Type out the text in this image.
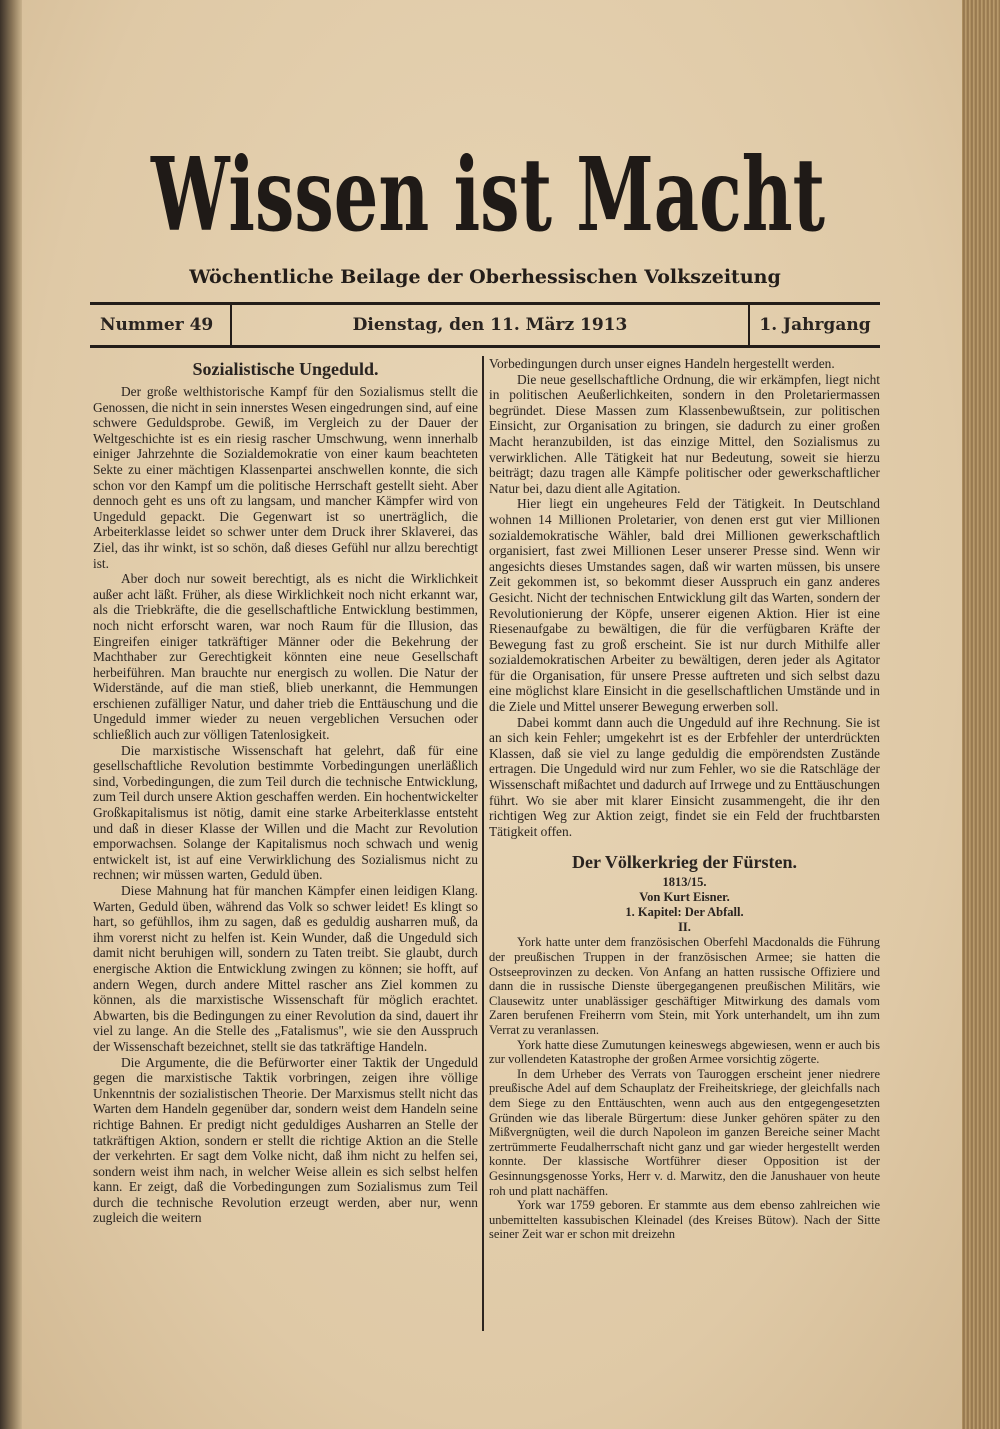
Wissen ist Macht
Wöchentliche Beilage der Oberhessischen Volkszeitung
Nummer 49	Dienstag, den 11. März 1913	1. Jahrgang
Sozialistische Ungeduld.

Der große welthistorische Kampf für den Sozialismus stellt die Genossen, die nicht in sein innerstes Wesen eingedrungen sind, auf eine schwere Geduldsprobe. Gewiß, im Vergleich zu der Dauer der Weltgeschichte ist es ein riesig rascher Umschwung, wenn innerhalb einiger Jahrzehnte die Sozialdemokratie von einer kaum beachteten Sekte zu einer mächtigen Klassenpartei anschwellen konnte, die sich schon vor den Kampf um die politische Herrschaft gestellt sieht. Aber dennoch geht es uns oft zu langsam, und mancher Kämpfer wird von Ungeduld gepackt. Die Gegenwart ist so unerträglich, die Arbeiterklasse leidet so schwer unter dem Druck ihrer Sklaverei, das Ziel, das ihr winkt, ist so schön, daß dieses Gefühl nur allzu berechtigt ist.

Aber doch nur soweit berechtigt, als es nicht die Wirklichkeit außer acht läßt. Früher, als diese Wirklichkeit noch nicht erkannt war, als die Triebkräfte, die die gesellschaftliche Entwicklung bestimmen, noch nicht erforscht waren, war noch Raum für die Illusion, das Eingreifen einiger tatkräftiger Männer oder die Bekehrung der Machthaber zur Gerechtigkeit könnten eine neue Gesellschaft herbeiführen. Man brauchte nur energisch zu wollen. Die Natur der Widerstände, auf die man stieß, blieb unerkannt, die Hemmungen erschienen zufälliger Natur, und daher trieb die Enttäuschung und die Ungeduld immer wieder zu neuen vergeblichen Versuchen oder schließlich auch zur völligen Tatenlosigkeit.

Die marxistische Wissenschaft hat gelehrt, daß für eine gesellschaftliche Revolution bestimmte Vorbedingungen unerläßlich sind, Vorbedingungen, die zum Teil durch die technische Entwicklung, zum Teil durch unsere Aktion geschaffen werden. Ein hochentwickelter Großkapitalismus ist nötig, damit eine starke Arbeiterklasse entsteht und daß in dieser Klasse der Willen und die Macht zur Revolution emporwachsen. Solange der Kapitalismus noch schwach und wenig entwickelt ist, ist auf eine Verwirklichung des Sozialismus nicht zu rechnen; wir müssen warten, Geduld üben.

Diese Mahnung hat für manchen Kämpfer einen leidigen Klang. Warten, Geduld üben, während das Volk so schwer leidet! Es klingt so hart, so gefühllos, ihm zu sagen, daß es geduldig ausharren muß, da ihm vorerst nicht zu helfen ist. Kein Wunder, daß die Ungeduld sich damit nicht beruhigen will, sondern zu Taten treibt. Sie glaubt, durch energische Aktion die Entwicklung zwingen zu können; sie hofft, auf andern Wegen, durch andere Mittel rascher ans Ziel kommen zu können, als die marxistische Wissenschaft für möglich erachtet. Abwarten, bis die Bedingungen zu einer Revolution da sind, dauert ihr viel zu lange. An die Stelle des „Fatalismus", wie sie den Ausspruch der Wissenschaft bezeichnet, stellt sie das tatkräftige Handeln.

Die Argumente, die die Befürworter einer Taktik der Ungeduld gegen die marxistische Taktik vorbringen, zeigen ihre völlige Unkenntnis der sozialistischen Theorie. Der Marxismus stellt nicht das Warten dem Handeln gegenüber dar, sondern weist dem Handeln seine richtige Bahnen. Er predigt nicht geduldiges Ausharren an Stelle der tatkräftigen Aktion, sondern er stellt die richtige Aktion an die Stelle der verkehrten. Er sagt dem Volke nicht, daß ihm nicht zu helfen sei, sondern weist ihm nach, in welcher Weise allein es sich selbst helfen kann. Er zeigt, daß die Vorbedingungen zum Sozialismus zum Teil durch die technische Revolution erzeugt werden, aber nur, wenn zugleich die weitern

Vorbedingungen durch unser eignes Handeln hergestellt werden.

Die neue gesellschaftliche Ordnung, die wir erkämpfen, liegt nicht in politischen Aeußerlichkeiten, sondern in den Proletariermassen begründet. Diese Massen zum Klassenbewußtsein, zur politischen Einsicht, zur Organisation zu bringen, sie dadurch zu einer großen Macht heranzubilden, ist das einzige Mittel, den Sozialismus zu verwirklichen. Alle Tätigkeit hat nur Bedeutung, soweit sie hierzu beiträgt; dazu tragen alle Kämpfe politischer oder gewerkschaftlicher Natur bei, dazu dient alle Agitation.

Hier liegt ein ungeheures Feld der Tätigkeit. In Deutschland wohnen 14 Millionen Proletarier, von denen erst gut vier Millionen sozialdemokratische Wähler, bald drei Millionen gewerkschaftlich organisiert, fast zwei Millionen Leser unserer Presse sind. Wenn wir angesichts dieses Umstandes sagen, daß wir warten müssen, bis unsere Zeit gekommen ist, so bekommt dieser Ausspruch ein ganz anderes Gesicht. Nicht der technischen Entwicklung gilt das Warten, sondern der Revolutionierung der Köpfe, unserer eigenen Aktion. Hier ist eine Riesenaufgabe zu bewältigen, die für die verfügbaren Kräfte der Bewegung fast zu groß erscheint. Sie ist nur durch Mithilfe aller sozialdemokratischen Arbeiter zu bewältigen, deren jeder als Agitator für die Organisation, für unsere Presse auftreten und sich selbst dazu eine möglichst klare Einsicht in die gesellschaftlichen Umstände und in die Ziele und Mittel unserer Bewegung erwerben soll.

Dabei kommt dann auch die Ungeduld auf ihre Rechnung. Sie ist an sich kein Fehler; umgekehrt ist es der Erbfehler der unterdrückten Klassen, daß sie viel zu lange geduldig die empörendsten Zustände ertragen. Die Ungeduld wird nur zum Fehler, wo sie die Ratschläge der Wissenschaft mißachtet und dadurch auf Irrwege und zu Enttäuschungen führt. Wo sie aber mit klarer Einsicht zusammengeht, die ihr den richtigen Weg zur Aktion zeigt, findet sie ein Feld der fruchtbarsten Tätigkeit offen.

Der Völkerkrieg der Fürsten.
1813/15.
Von Kurt Eisner.
1. Kapitel: Der Abfall.
II.

York hatte unter dem französischen Oberfehl Macdonalds die Führung der preußischen Truppen in der französischen Armee; sie hatten die Ostseeprovinzen zu decken. Von Anfang an hatten russische Offiziere und dann die in russische Dienste übergegangenen preußischen Militärs, wie Clausewitz unter unablässiger geschäftiger Mitwirkung des damals vom Zaren berufenen Freiherrn vom Stein, mit York unterhandelt, um ihn zum Verrat zu veranlassen.

York hatte diese Zumutungen keineswegs abgewiesen, wenn er auch bis zur vollendeten Katastrophe der großen Armee vorsichtig zögerte.

In dem Urheber des Verrats von Tauroggen erscheint jener niedrere preußische Adel auf dem Schauplatz der Freiheitskriege, der gleichfalls nach dem Siege zu den Enttäuschten, wenn auch aus den entgegengesetzten Gründen wie das liberale Bürgertum: diese Junker gehören später zu den Mißvergnügten, weil die durch Napoleon im ganzen Bereiche seiner Macht zertrümmerte Feudalherrschaft nicht ganz und gar wieder hergestellt werden konnte. Der klassische Wortführer dieser Opposition ist der Gesinnungsgenosse Yorks, Herr v. d. Marwitz, den die Janushauer von heute roh und platt nachäffen.

York war 1759 geboren. Er stammte aus dem ebenso zahlreichen wie unbemittelten kassubischen Kleinadel (des Kreises Bütow). Nach der Sitte seiner Zeit war er schon mit dreizehn
